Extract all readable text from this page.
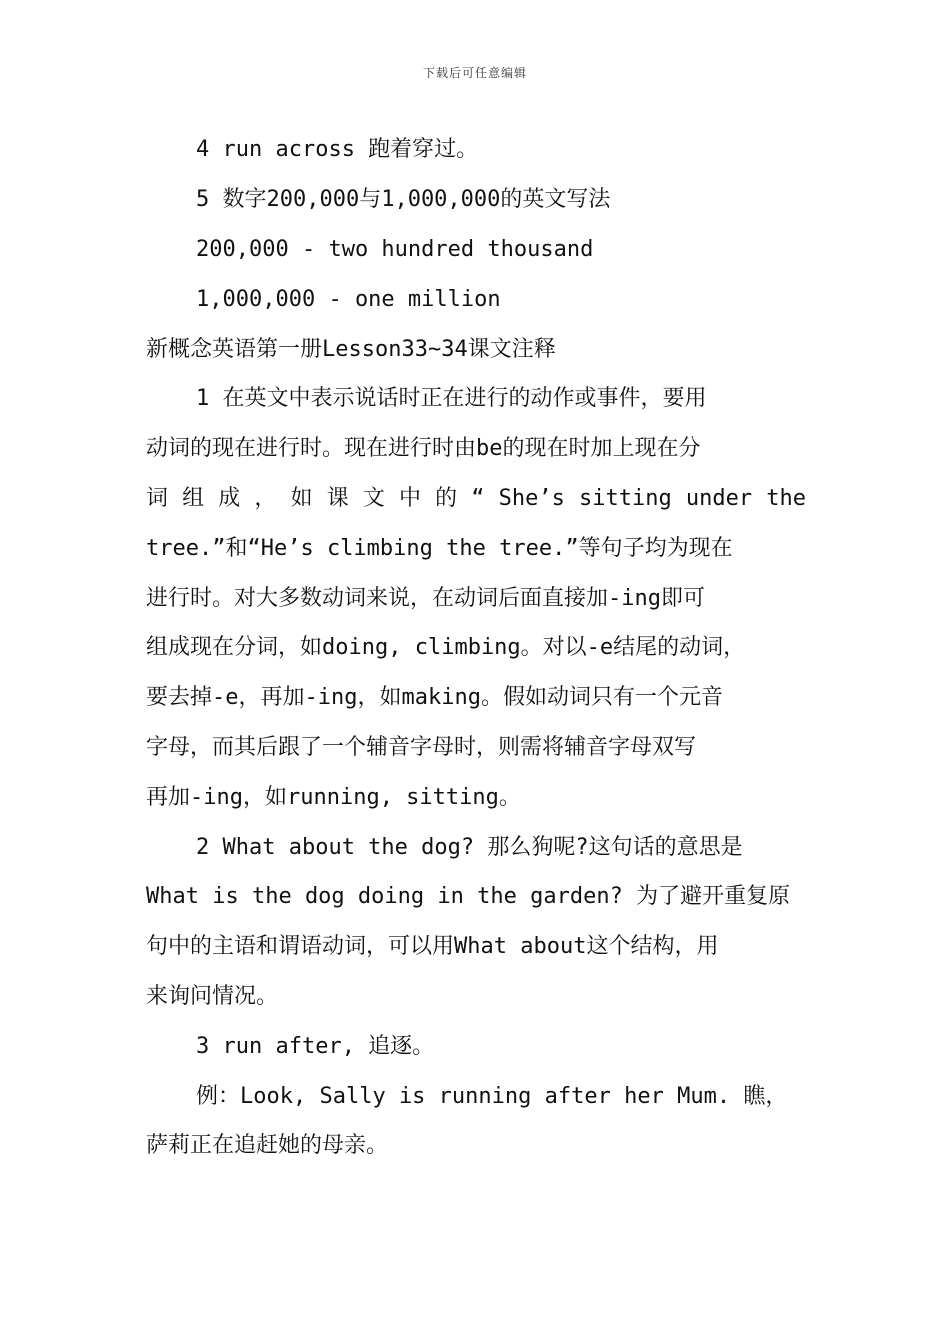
下载后可任意编辑
4 run across 跑着穿过。
5 数字200,000与1,000,000的英文写法
200,000 - two hundred thousand
1,000,000 - one million
新概念英语第一册Lesson33~34课文注释
1 在英文中表示说话时正在进行的动作或事件，要用
动词的现在进行时。现在进行时由be的现在时加上现在分
词 组 成 ， 如 课 文 中 的 “ She’s sitting under the
tree.”和“He’s climbing the tree.”等句子均为现在
进行时。对大多数动词来说，在动词后面直接加-ing即可
组成现在分词，如doing, climbing。对以-e结尾的动词，
要去掉-e，再加-ing，如making。假如动词只有一个元音
字母，而其后跟了一个辅音字母时，则需将辅音字母双写
再加-ing，如running, sitting。
2 What about the dog? 那么狗呢?这句话的意思是
What is the dog doing in the garden? 为了避开重复原
句中的主语和谓语动词，可以用What about这个结构，用
来询问情况。
3 run after, 追逐。
例：Look, Sally is running after her Mum. 瞧，
萨莉正在追赶她的母亲。
